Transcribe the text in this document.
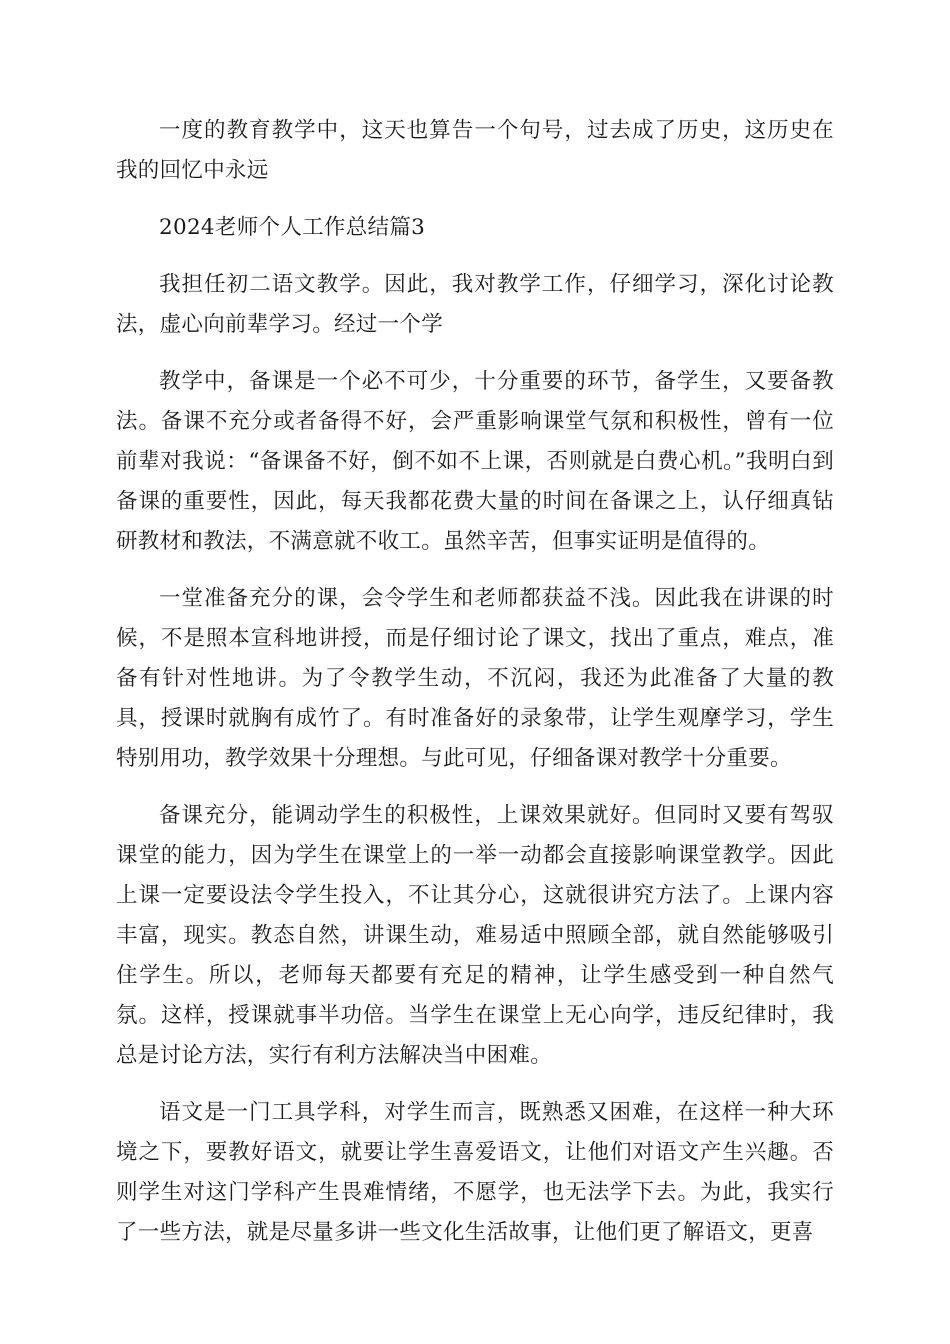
一度的教育教学中，这天也算告一个句号，过去成了历史，这历史在我的回忆中永远

2024老师个人工作总结篇3

我担任初二语文教学。因此，我对教学工作，仔细学习，深化讨论教法，虚心向前辈学习。经过一个学

教学中，备课是一个必不可少，十分重要的环节，备学生，又要备教法。备课不充分或者备得不好，会严重影响课堂气氛和积极性，曾有一位前辈对我说：“备课备不好，倒不如不上课，否则就是白费心机。”我明白到备课的重要性，因此，每天我都花费大量的时间在备课之上，认仔细真钻研教材和教法，不满意就不收工。虽然辛苦，但事实证明是值得的。

一堂准备充分的课，会令学生和老师都获益不浅。因此我在讲课的时候，不是照本宣科地讲授，而是仔细讨论了课文，找出了重点，难点，准备有针对性地讲。为了令教学生动，不沉闷，我还为此准备了大量的教具，授课时就胸有成竹了。有时准备好的录象带，让学生观摩学习，学生特别用功，教学效果十分理想。与此可见，仔细备课对教学十分重要。

备课充分，能调动学生的积极性，上课效果就好。但同时又要有驾驭课堂的能力，因为学生在课堂上的一举一动都会直接影响课堂教学。因此上课一定要设法令学生投入，不让其分心，这就很讲究方法了。上课内容丰富，现实。教态自然，讲课生动，难易适中照顾全部，就自然能够吸引住学生。所以，老师每天都要有充足的精神，让学生感受到一种自然气氛。这样，授课就事半功倍。当学生在课堂上无心向学，违反纪律时，我总是讨论方法，实行有利方法解决当中困难。

语文是一门工具学科，对学生而言，既熟悉又困难，在这样一种大环境之下，要教好语文，就要让学生喜爱语文，让他们对语文产生兴趣。否则学生对这门学科产生畏难情绪，不愿学，也无法学下去。为此，我实行了一些方法，就是尽量多讲一些文化生活故事，让他们更了解语文，更喜
